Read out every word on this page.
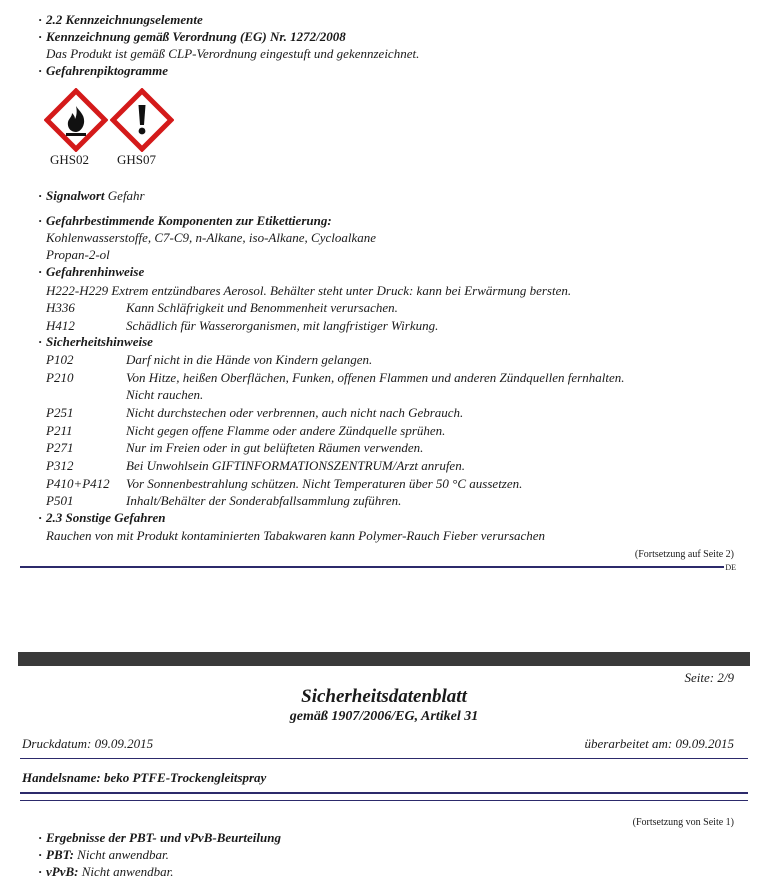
· 2.2 Kennzeichnungselemente
· Kennzeichnung gemäß Verordnung (EG) Nr. 1272/2008
Das Produkt ist gemäß CLP-Verordnung eingestuft und gekennzeichnet.
· Gefahrenpiktogramme
GHS02 GHS07
· Signalwort Gefahr
· Gefahrbestimmende Komponenten zur Etikettierung:
Kohlenwasserstoffe, C7-C9, n-Alkane, iso-Alkane, Cycloalkane
Propan-2-ol
· Gefahrenhinweise
H222-H229 Extrem entzündbares Aerosol. Behälter steht unter Druck: kann bei Erwärmung bersten.
H336	Kann Schläfrigkeit und Benommenheit verursachen.
H412	Schädlich für Wasserorganismen, mit langfristiger Wirkung.
· Sicherheitshinweise
P102	Darf nicht in die Hände von Kindern gelangen.
P210	Von Hitze, heißen Oberflächen, Funken, offenen Flammen und anderen Zündquellen fernhalten.
Nicht rauchen.
P251	Nicht durchstechen oder verbrennen, auch nicht nach Gebrauch.
P211	Nicht gegen offene Flamme oder andere Zündquelle sprühen.
P271	Nur im Freien oder in gut belüfteten Räumen verwenden.
P312	Bei Unwohlsein GIFTINFORMATIONSZENTRUM/Arzt anrufen.
P410+P412 Vor Sonnenbestrahlung schützen. Nicht Temperaturen über 50 °C aussetzen.
P501	Inhalt/Behälter der Sonderabfallsammlung zuführen.
· 2.3 Sonstige Gefahren
Rauchen von mit Produkt kontaminierten Tabakwaren kann Polymer-Rauch Fieber verursachen
(Fortsetzung auf Seite 2)
DE
Seite: 2/9
Sicherheitsdatenblatt
gemäß 1907/2006/EG, Artikel 31
Druckdatum: 09.09.2015	überarbeitet am: 09.09.2015
Handelsname: beko PTFE-Trockengleitspray
(Fortsetzung von Seite 1)
· Ergebnisse der PBT- und vPvB-Beurteilung
· PBT: Nicht anwendbar.
· vPvB: Nicht anwendbar.
